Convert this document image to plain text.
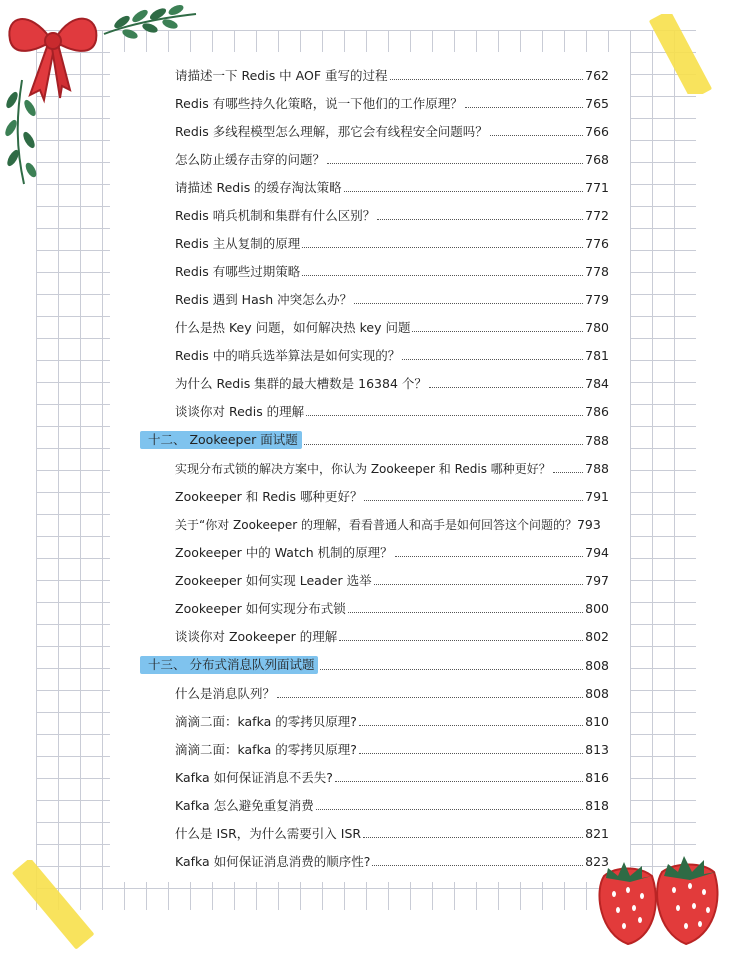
请描述一下 Redis 中 AOF 重写的过程	762
Redis 有哪些持久化策略，说一下他们的工作原理？	765
Redis 多线程模型怎么理解，那它会有线程安全问题吗？	766
怎么防止缓存击穿的问题？	768
请描述 Redis 的缓存淘汰策略	771
Redis 哨兵机制和集群有什么区别？	772
Redis 主从复制的原理	776
Redis 有哪些过期策略	778
Redis 遇到 Hash 冲突怎么办？	779
什么是热 Key 问题，如何解决热 key 问题	780
Redis 中的哨兵选举算法是如何实现的？	781
为什么 Redis 集群的最大槽数是 16384 个？	784
谈谈你对 Redis 的理解	786
十二、 Zookeeper 面试题	788
实现分布式锁的解决方案中，你认为 Zookeeper 和 Redis 哪种更好？	788
Zookeeper 和 Redis 哪种更好？	791
关于“你对 Zookeeper 的理解，看看普通人和高手是如何回答这个问题的？ 793
Zookeeper 中的 Watch 机制的原理？	794
Zookeeper 如何实现 Leader 选举	797
Zookeeper 如何实现分布式锁	800
谈谈你对 Zookeeper 的理解	802
十三、 分布式消息队列面试题	808
什么是消息队列？	808
滴滴二面：kafka 的零拷贝原理?	810
滴滴二面：kafka 的零拷贝原理?	813
Kafka 如何保证消息不丢失?	816
Kafka 怎么避免重复消费	818
什么是 ISR，为什么需要引入 ISR	821
Kafka 如何保证消息消费的顺序性?	823
